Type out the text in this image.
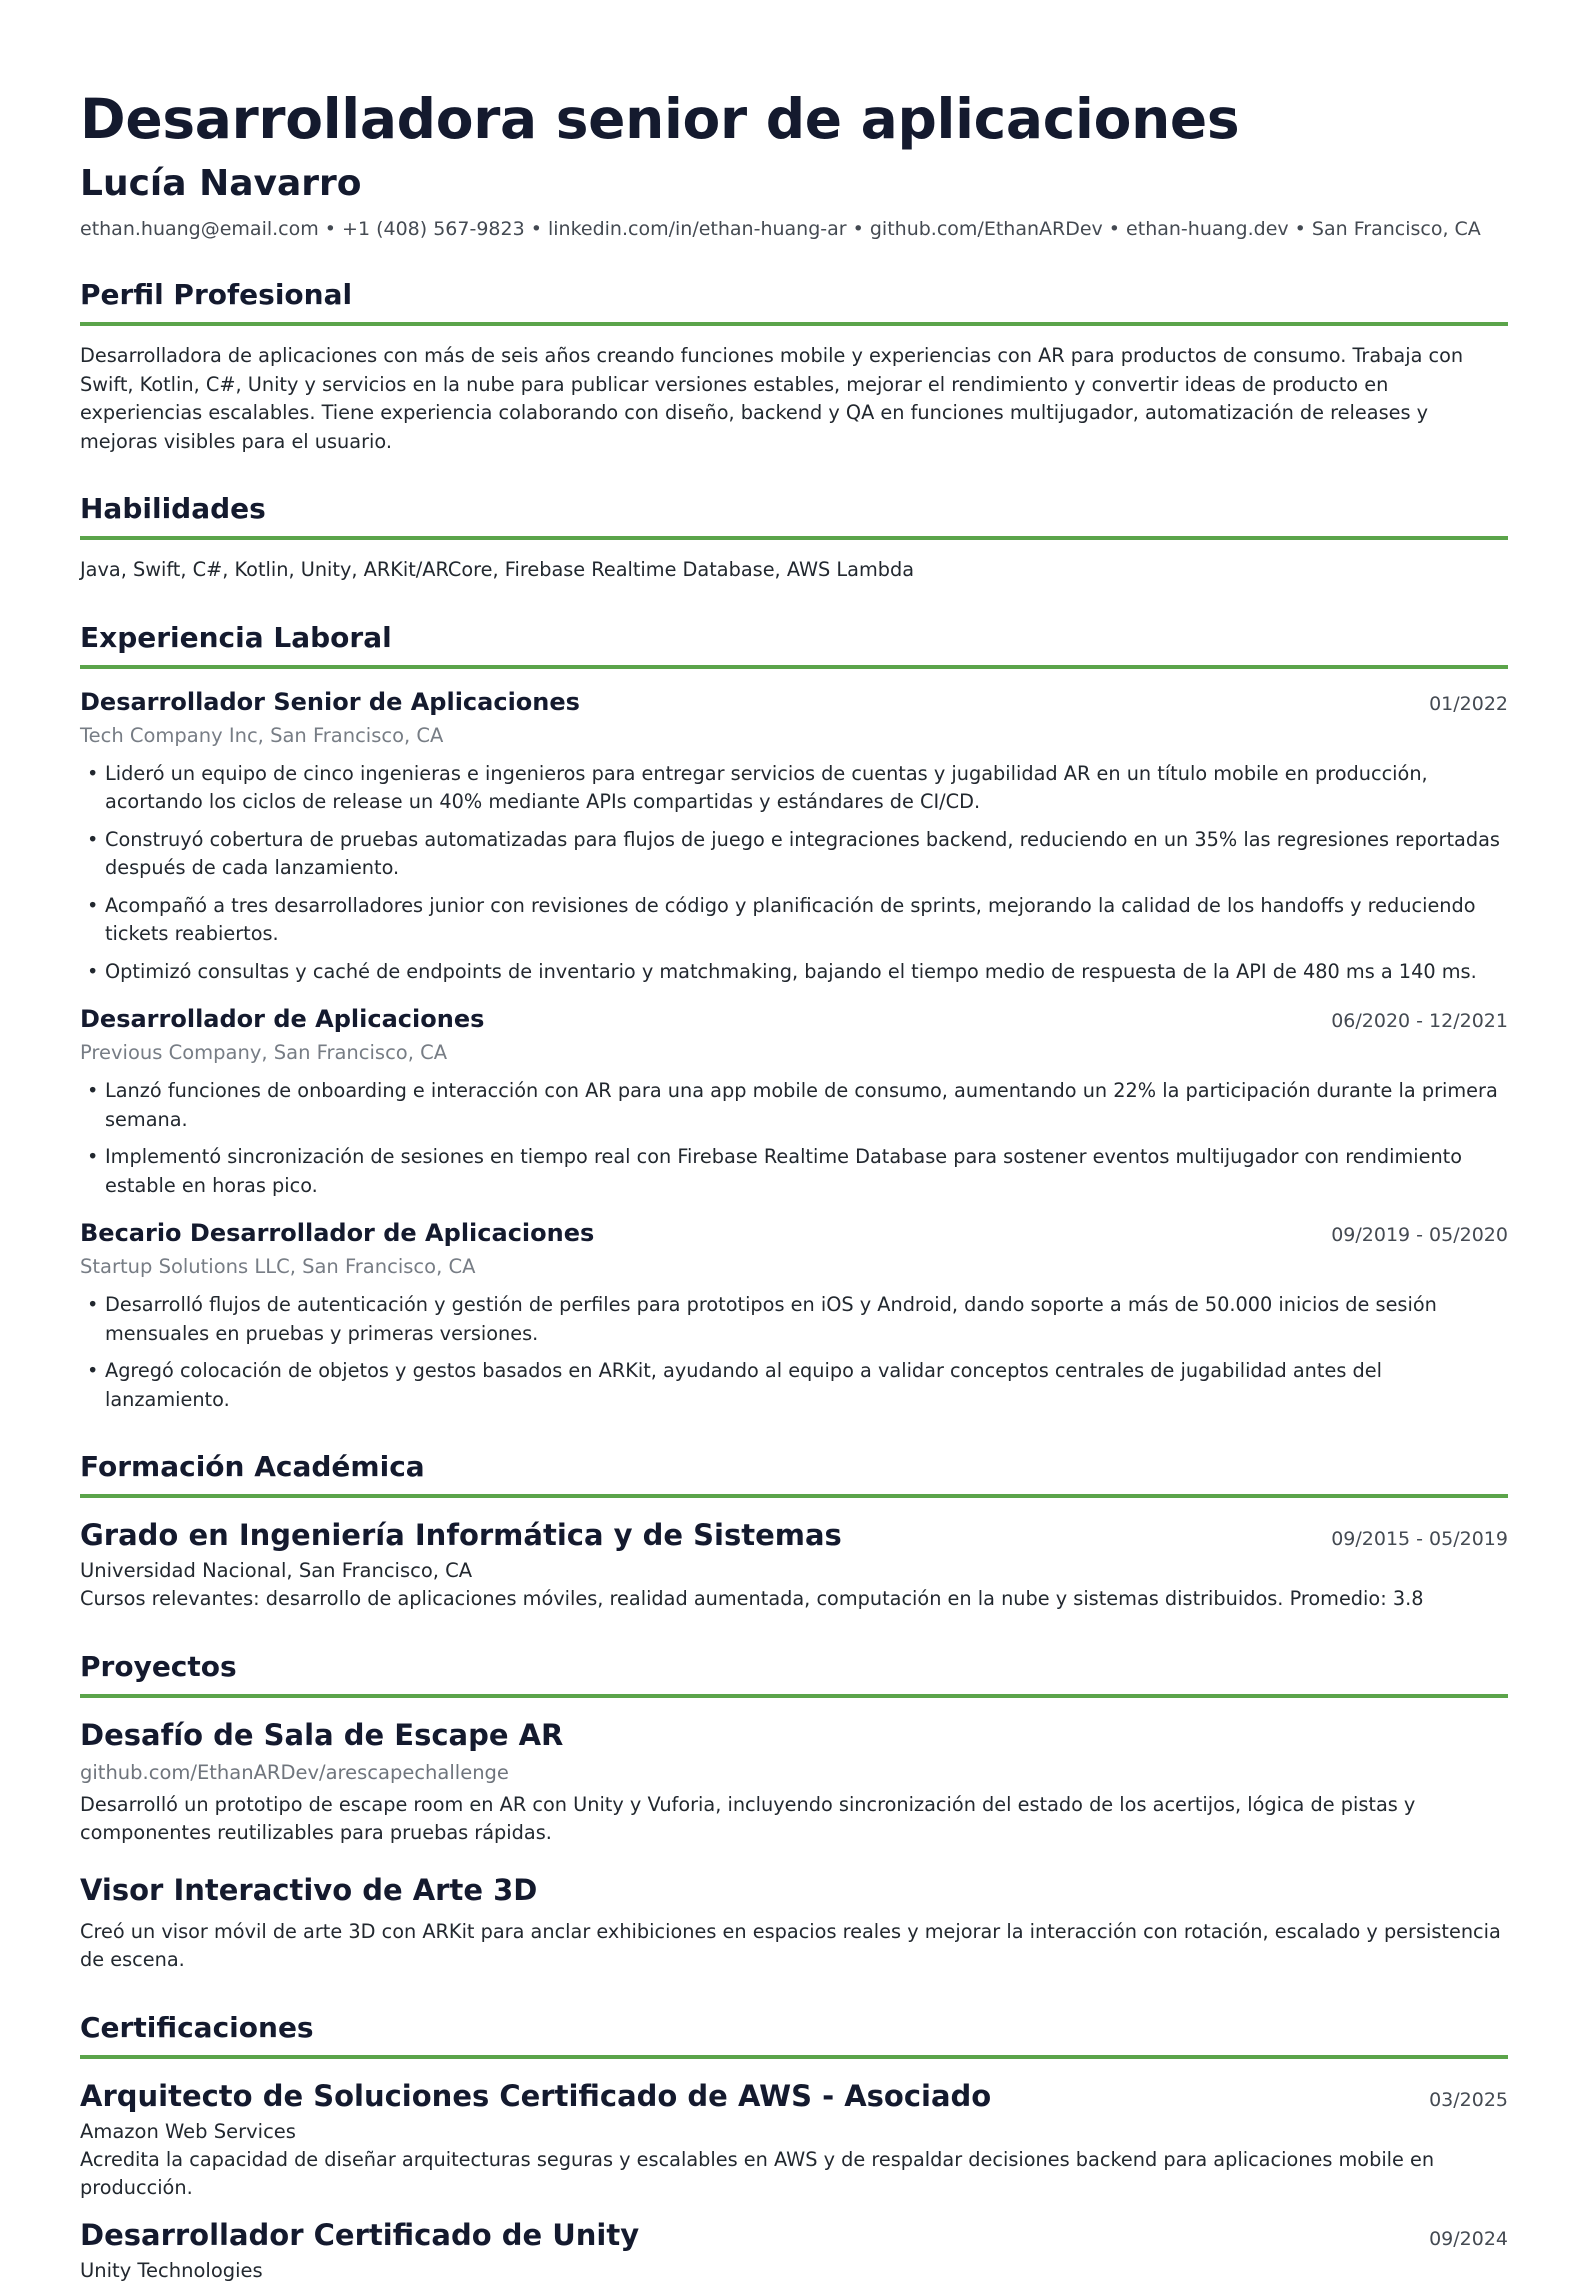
Desarrolladora senior de aplicaciones
Lucía Navarro
ethan.huang@email.com • +1 (408) 567-9823 • linkedin.com/in/ethan-huang-ar • github.com/EthanARDev • ethan-huang.dev • San Francisco, CA
Perfil Profesional
Desarrolladora de aplicaciones con más de seis años creando funciones mobile y experiencias con AR para productos de consumo. Trabaja con Swift, Kotlin, C#, Unity y servicios en la nube para publicar versiones estables, mejorar el rendimiento y convertir ideas de producto en experiencias escalables. Tiene experiencia colaborando con diseño, backend y QA en funciones multijugador, automatización de releases y mejoras visibles para el usuario.
Habilidades
Java, Swift, C#, Kotlin, Unity, ARKit/ARCore, Firebase Realtime Database, AWS Lambda
Experiencia Laboral
Desarrollador Senior de Aplicaciones	01/2022
Tech Company Inc, San Francisco, CA
• Lideró un equipo de cinco ingenieras e ingenieros para entregar servicios de cuentas y jugabilidad AR en un título mobile en producción, acortando los ciclos de release un 40% mediante APIs compartidas y estándares de CI/CD.
• Construyó cobertura de pruebas automatizadas para flujos de juego e integraciones backend, reduciendo en un 35% las regresiones reportadas después de cada lanzamiento.
• Acompañó a tres desarrolladores junior con revisiones de código y planificación de sprints, mejorando la calidad de los handoffs y reduciendo tickets reabiertos.
• Optimizó consultas y caché de endpoints de inventario y matchmaking, bajando el tiempo medio de respuesta de la API de 480 ms a 140 ms.
Desarrollador de Aplicaciones	06/2020 - 12/2021
Previous Company, San Francisco, CA
• Lanzó funciones de onboarding e interacción con AR para una app mobile de consumo, aumentando un 22% la participación durante la primera semana.
• Implementó sincronización de sesiones en tiempo real con Firebase Realtime Database para sostener eventos multijugador con rendimiento estable en horas pico.
Becario Desarrollador de Aplicaciones	09/2019 - 05/2020
Startup Solutions LLC, San Francisco, CA
• Desarrolló flujos de autenticación y gestión de perfiles para prototipos en iOS y Android, dando soporte a más de 50.000 inicios de sesión mensuales en pruebas y primeras versiones.
• Agregó colocación de objetos y gestos basados en ARKit, ayudando al equipo a validar conceptos centrales de jugabilidad antes del lanzamiento.
Formación Académica
Grado en Ingeniería Informática y de Sistemas	09/2015 - 05/2019
Universidad Nacional, San Francisco, CA
Cursos relevantes: desarrollo de aplicaciones móviles, realidad aumentada, computación en la nube y sistemas distribuidos. Promedio: 3.8
Proyectos
Desafío de Sala de Escape AR
github.com/EthanARDev/arescapechallenge
Desarrolló un prototipo de escape room en AR con Unity y Vuforia, incluyendo sincronización del estado de los acertijos, lógica de pistas y componentes reutilizables para pruebas rápidas.
Visor Interactivo de Arte 3D
Creó un visor móvil de arte 3D con ARKit para anclar exhibiciones en espacios reales y mejorar la interacción con rotación, escalado y persistencia de escena.
Certificaciones
Arquitecto de Soluciones Certificado de AWS - Asociado	03/2025
Amazon Web Services
Acredita la capacidad de diseñar arquitecturas seguras y escalables en AWS y de respaldar decisiones backend para aplicaciones mobile en producción.
Desarrollador Certificado de Unity	09/2024
Unity Technologies
